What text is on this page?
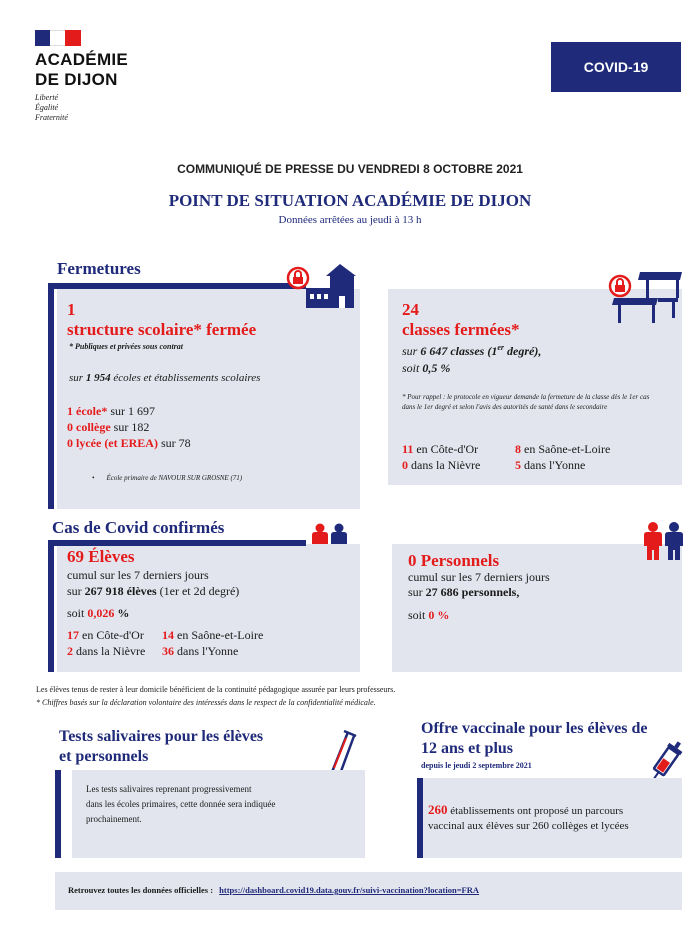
ACADÉMIE
DE DIJON
Liberté
Égalité
Fraternité
COVID-19
COMMUNIQUÉ DE PRESSE DU VENDREDI 8 OCTOBRE 2021
POINT DE SITUATION ACADÉMIE DE DIJON
Données arrêtées au jeudi à 13 h
Fermetures
1
structure scolaire* fermée
* Publiques et privées sous contrat
sur 1 954 écoles et établissements scolaires
1 école* sur 1 697
0 collège sur 182
0 lycée (et EREA) sur 78
• École primaire de NAVOUR SUR GROSNE (71)
24
classes fermées*
sur 6 647 classes (1er degré),
soit 0,5 %
* Pour rappel : le protocole en vigueur demande la fermeture de la classe dès le 1er cas dans le 1er degré et selon l'avis des autorités de santé dans le secondaire
11 en Côte-d'Or	8 en Saône-et-Loire
0 dans la Nièvre	5 dans l'Yonne
Cas de Covid confirmés
69 Élèves
cumul sur les 7 derniers jours
sur 267 918 élèves (1er et 2d degré)
soit 0,026 %
17 en Côte-d'Or 14 en Saône-et-Loire
2 dans la Nièvre 36 dans l'Yonne
0 Personnels
cumul sur les 7 derniers jours
sur 27 686 personnels,
soit 0 %
Les élèves tenus de rester à leur domicile bénéficient de la continuité pédagogique assurée par leurs professeurs.
* Chiffres basés sur la déclaration volontaire des intéressés dans le respect de la confidentialité médicale.
Tests salivaires pour les élèves
et personnels
Les tests salivaires reprenant progressivement
dans les écoles primaires, cette donnée sera indiquée
prochainement.
Offre vaccinale pour les élèves de
12 ans et plus
depuis le jeudi 2 septembre 2021
260 établissements ont proposé un parcours
vaccinal aux élèves sur 260 collèges et lycées
Retrouvez toutes les données officielles : https://dashboard.covid19.data.gouv.fr/suivi-vaccination?location=FRA
